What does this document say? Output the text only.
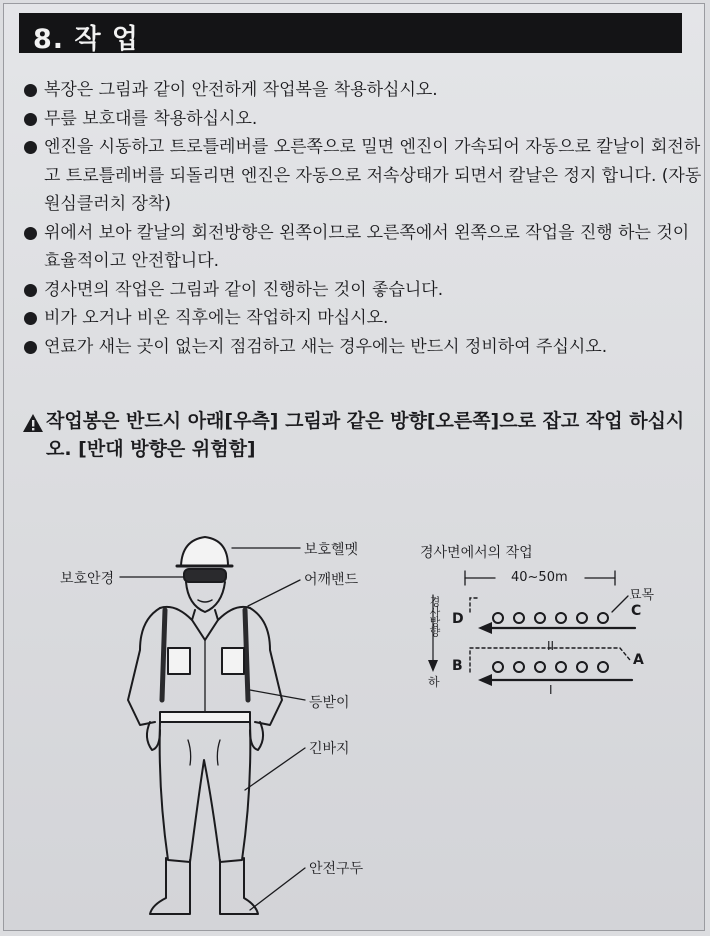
8. 작 업
복장은 그림과 같이 안전하게 작업복을 착용하십시오.
무릎 보호대를 착용하십시오.
엔진을 시동하고 트로틀레버를 오른쪽으로 밀면 엔진이 가속되어 자동으로 칼날이 회전하고 트로틀레버를 되돌리면 엔진은 자동으로 저속상태가 되면서 칼날은 정지 합니다. (자동원심클러치 장착)
위에서 보아 칼날의 회전방향은 왼쪽이므로 오른쪽에서 왼쪽으로 작업을 진행 하는 것이 효율적이고 안전합니다.
경사면의 작업은 그림과 같이 진행하는 것이 좋습니다.
비가 오거나 비온 직후에는 작업하지 마십시오.
연료가 새는 곳이 없는지 점검하고 새는 경우에는 반드시 정비하여 주십시오.
작업봉은 반드시 아래[우측] 그림과 같은 방향[오른쪽]으로 잡고 작업 하십시오. [반대 방향은 위험함]
보호헬멧
보호안경	어깨밴드
등받이
긴바지
안전구두
경사면에서의 작업
40~50m
묘목
경사방향
하
D	C
B	A
II
I
